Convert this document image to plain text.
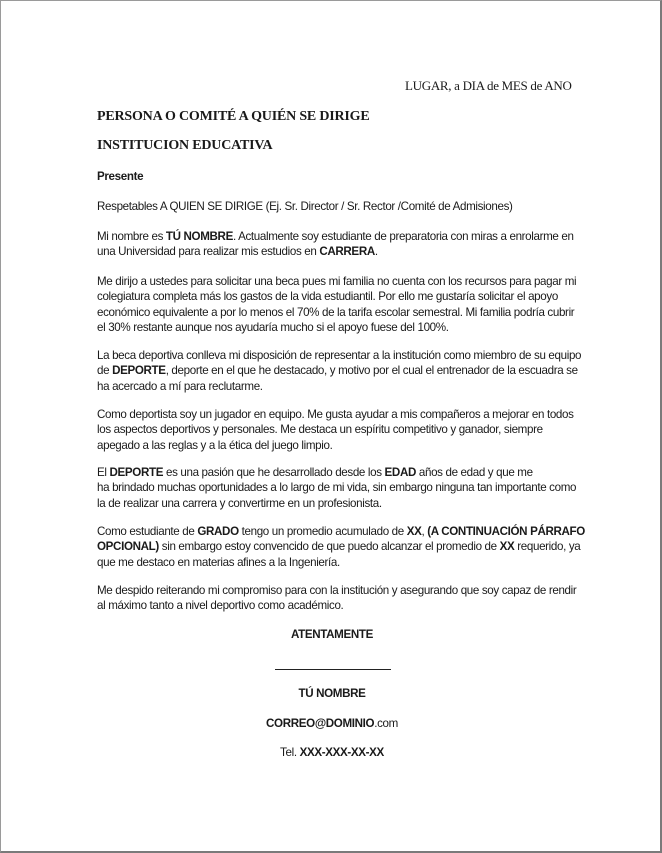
LUGAR, a DIA de MES de ANO
PERSONA O COMITÉ A QUIÉN SE DIRIGE
INSTITUCION EDUCATIVA
Presente
Respetables A QUIEN SE DIRIGE (Ej. Sr. Director / Sr. Rector /Comité de Admisiones)
Mi nombre es TÚ NOMBRE. Actualmente soy estudiante de preparatoria con miras a enrolarme en
una Universidad para realizar mis estudios en CARRERA.
Me dirijo a ustedes para solicitar una beca pues mi familia no cuenta con los recursos para pagar mi
colegiatura completa más los gastos de la vida estudiantil. Por ello me gustaría solicitar el apoyo
económico equivalente a por lo menos el 70% de la tarifa escolar semestral. Mi familia podría cubrir
el 30% restante aunque nos ayudaría mucho si el apoyo fuese del 100%.
La beca deportiva conlleva mi disposición de representar a la institución como miembro de su equipo
de DEPORTE, deporte en el que he destacado, y motivo por el cual el entrenador de la escuadra se
ha acercado a mí para reclutarme.
Como deportista soy un jugador en equipo. Me gusta ayudar a mis compañeros a mejorar en todos
los aspectos deportivos y personales. Me destaca un espíritu competitivo y ganador, siempre
apegado a las reglas y a la ética del juego limpio.
El DEPORTE es una pasión que he desarrollado desde los EDAD años de edad y que me
ha brindado muchas oportunidades a lo largo de mi vida, sin embargo ninguna tan importante como
la de realizar una carrera y convertirme en un profesionista.
Como estudiante de GRADO tengo un promedio acumulado de XX, (A CONTINUACIÓN PÁRRAFO
OPCIONAL) sin embargo estoy convencido de que puedo alcanzar el promedio de XX requerido, ya
que me destaco en materias afines a la Ingeniería.
Me despido reiterando mi compromiso para con la institución y asegurando que soy capaz de rendir
al máximo tanto a nivel deportivo como académico.
ATENTAMENTE
TÚ NOMBRE
CORREO@DOMINIO.com
Tel. XXX-XXX-XX-XX
